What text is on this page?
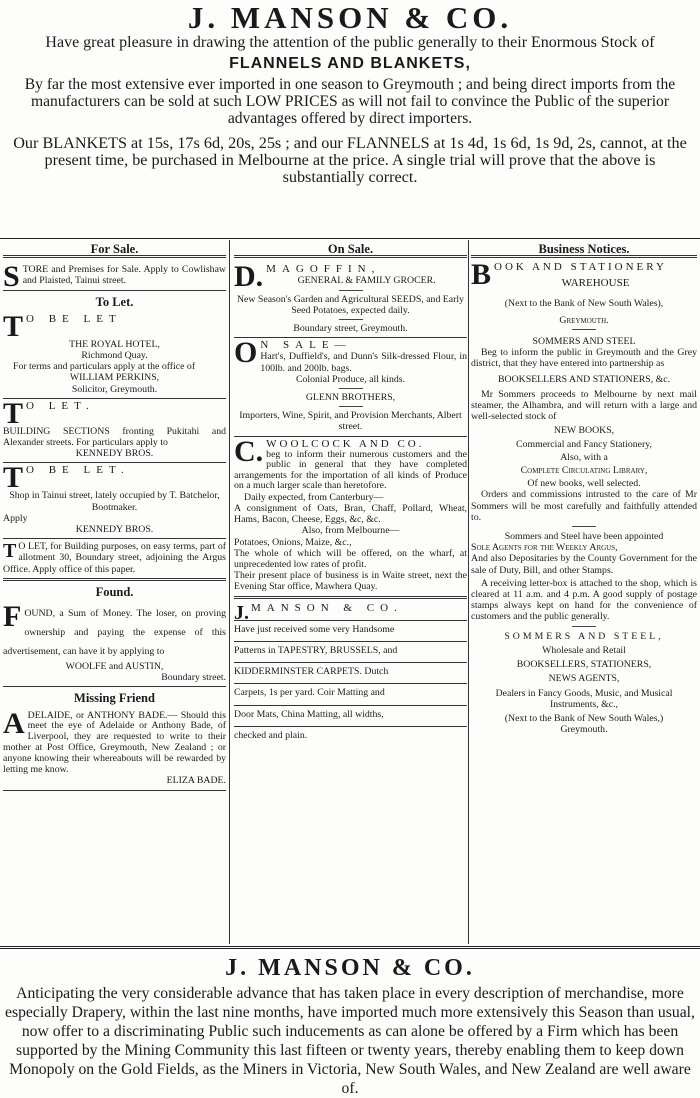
J. MANSON & CO.

Have great pleasure in drawing the attention of the public generally to their Enormous Stock of

FLANNELS AND BLANKETS,

By far the most extensive ever imported in one season to Greymouth ; and being direct imports from the manufacturers can be sold at such LOW PRICES as will not fail to convince the Public of the superior advantages offered by direct importers.

Our BLANKETS at 15s, 17s 6d, 20s, 25s ; and our FLANNELS at 1s 4d, 1s 6d, 1s 9d, 2s, cannot, at the present time, be purchased in Melbourne at the price. A single trial will prove that the above is substantially correct.

For Sale.
S TORE and Premises for Sale. Apply to Cowlishaw and Plaisted, Tainui street.

To Let.
T O BE LET

THE ROYAL HOTEL,

Richmond Quay.

For terms and particulars apply at the office of

WILLIAM PERKINS,

Solicitor, Greymouth.

T O LET.

BUILDING SECTIONS fronting Pukitahi and Alexander streets. For particulars apply to

KENNEDY BROS.

T O BE LET.

Shop in Tainui street, lately occupied by T. Batchelor, Bootmaker.

Apply

KENNEDY BROS.

T O LET, for Building purposes, on easy terms, part of allotment 30, Boundary street, adjoining the Argus Office. Apply office of this paper.

Found.
F OUND, a Sum of Money. The loser, on proving ownership and paying the expense of this advertisement, can have it by applying to

WOOLFE and AUSTIN,

Boundary street.

Missing Friend
A DELAIDE, or ANTHONY BADE.— Should this meet the eye of Adelaide or Anthony Bade, of Liverpool, they are requested to write to their mother at Post Office, Greymouth, New Zealand ; or anyone knowing their whereabouts will be rewarded by letting me know.

ELIZA BADE.

On Sale.
D. MAGOFFIN,

GENERAL & FAMILY GROCER.

New Season's Garden and Agricultural SEEDS, and Early Seed Potatoes, expected daily.

Boundary street, Greymouth.

O N SALE—

Hart's, Duffield's, and Dunn's Silk-dressed Flour, in 100lb. and 200lb. bags.

Colonial Produce, all kinds.

GLENN BROTHERS,

Importers, Wine, Spirit, and Provision Merchants, Albert street.

C. WOOLCOCK AND CO.

beg to inform their numerous customers and the public in general that they have completed arrangements for the importation of all kinds of Produce on a much larger scale than heretofore.

Daily expected, from Canterbury—

A consignment of Oats, Bran, Chaff, Pollard, Wheat, Hams, Bacon, Cheese, Eggs, &c, &c.

Also, from Melbourne—

Potatoes, Onions, Maize, &c.,

The whole of which will be offered, on the wharf, at unprecedented low rates of profit.

Their present place of business is in Waite street, next the Evening Star office, Mawhera Quay.

J. MANSON & CO.

Have just received some very Handsome

Patterns in TAPESTRY, BRUSSELS, and

KIDDERMINSTER CARPETS. Dutch

Carpets, 1s per yard. Coir Matting and

Door Mats, China Matting, all widths,

checked and plain.

Business Notices.
B OOK AND STATIONERY

WAREHOUSE

(Next to the Bank of New South Wales),

Greymouth.

SOMMERS AND STEEL

Beg to inform the public in Greymouth and the Grey district, that they have entered into partnership as

BOOKSELLERS AND STATIONERS, &c.

Mr Sommers proceeds to Melbourne by next mail steamer, the Alhambra, and will return with a large and well-selected stock of

NEW BOOKS,

Commercial and Fancy Stationery,

Also, with a

Complete Circulating Library,

Of new books, well selected.

Orders and commissions intrusted to the care of Mr Sommers will be most carefully and faithfully attended to.

Sommers and Steel have been appointed

Sole Agents for the Weekly Argus,

And also Depositaries by the County Government for the sale of Duty, Bill, and other Stamps.

A receiving letter-box is attached to the shop, which is cleared at 11 a.m. and 4 p.m. A good supply of postage stamps always kept on hand for the convenience of customers and the public generally.

SOMMERS AND STEEL,

Wholesale and Retail

BOOKSELLERS, STATIONERS,

NEWS AGENTS,

Dealers in Fancy Goods, Music, and Musical Instruments, &c.,

(Next to the Bank of New South Wales,)

Greymouth.

J. MANSON & CO.

Anticipating the very considerable advance that has taken place in every description of merchandise, more especially Drapery, within the last nine months, have imported much more extensively this Season than usual, now offer to a discriminating Public such inducements as can alone be offered by a Firm which has been supported by the Mining Community this last fifteen or twenty years, thereby enabling them to keep down Monopoly on the Gold Fields, as the Miners in Victoria, New South Wales, and New Zealand are well aware of.
